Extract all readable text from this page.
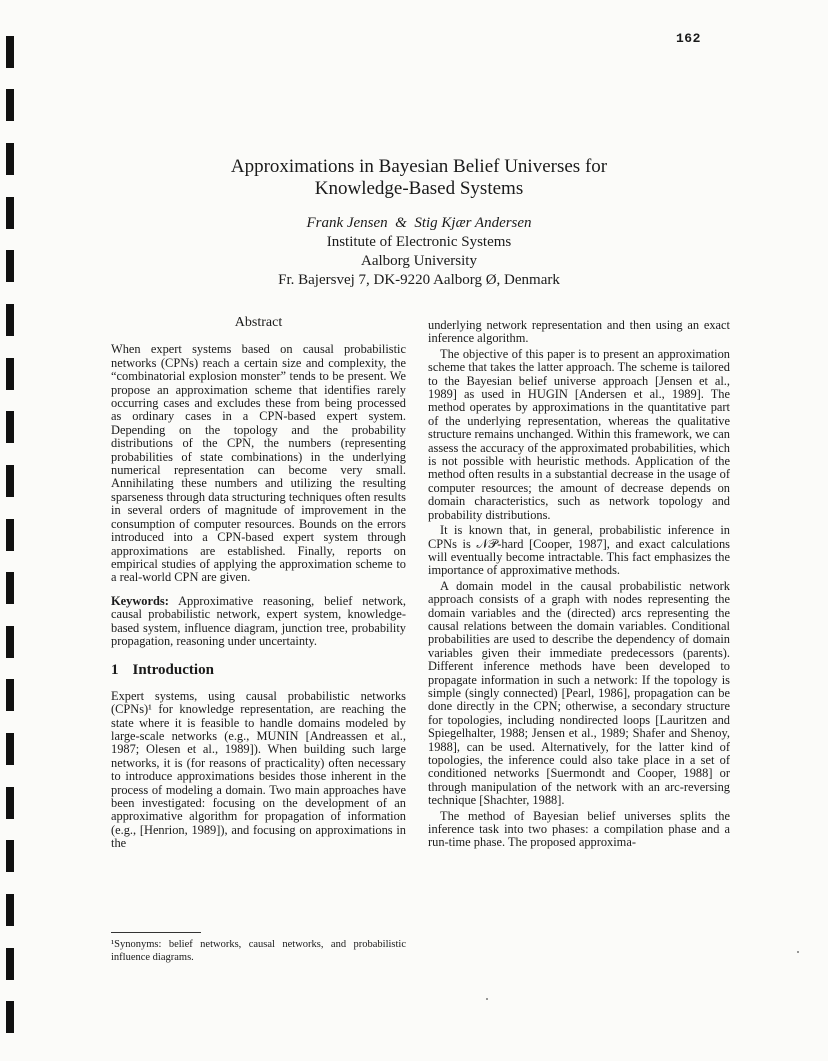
162
Approximations in Bayesian Belief Universes for
Knowledge-Based Systems
Frank Jensen  &  Stig Kjær Andersen
Institute of Electronic Systems
Aalborg University
Fr. Bajersvej 7, DK-9220 Aalborg Ø, Denmark
Abstract

When expert systems based on causal probabilistic networks (CPNs) reach a certain size and complexity, the “combinatorial explosion monster” tends to be present. We propose an approximation scheme that identifies rarely occurring cases and excludes these from being processed as ordinary cases in a CPN-based expert system. Depending on the topology and the probability distributions of the CPN, the numbers (representing probabilities of state combinations) in the underlying numerical representation can become very small. Annihilating these numbers and utilizing the resulting sparseness through data structuring techniques often results in several orders of magnitude of improvement in the consumption of computer resources. Bounds on the errors introduced into a CPN-based expert system through approximations are established. Finally, reports on empirical studies of applying the approximation scheme to a real-world CPN are given.

Keywords: Approximative reasoning, belief network, causal probabilistic network, expert system, knowledge-based system, influence diagram, junction tree, probability propagation, reasoning under uncertainty.

1 Introduction

Expert systems, using causal probabilistic networks (CPNs)¹ for knowledge representation, are reaching the state where it is feasible to handle domains modeled by large-scale networks (e.g., MUNIN [Andreassen et al., 1987; Olesen et al., 1989]). When building such large networks, it is (for reasons of practicality) often necessary to introduce approximations besides those inherent in the process of modeling a domain. Two main approaches have been investigated: focusing on the development of an approximative algorithm for propagation of information (e.g., [Henrion, 1989]), and focusing on approximations in the

¹Synonyms: belief networks, causal networks, and probabilistic influence diagrams.

underlying network representation and then using an exact inference algorithm.

The objective of this paper is to present an approximation scheme that takes the latter approach. The scheme is tailored to the Bayesian belief universe approach [Jensen et al., 1989] as used in HUGIN [Andersen et al., 1989]. The method operates by approximations in the quantitative part of the underlying representation, whereas the qualitative structure remains unchanged. Within this framework, we can assess the accuracy of the approximated probabilities, which is not possible with heuristic methods. Application of the method often results in a substantial decrease in the usage of computer resources; the amount of decrease depends on domain characteristics, such as network topology and probability distributions.

It is known that, in general, probabilistic inference in CPNs is 𝒩𝒫-hard [Cooper, 1987], and exact calculations will eventually become intractable. This fact emphasizes the importance of approximative methods.

A domain model in the causal probabilistic network approach consists of a graph with nodes representing the domain variables and the (directed) arcs representing the causal relations between the domain variables. Conditional probabilities are used to describe the dependency of domain variables given their immediate predecessors (parents). Different inference methods have been developed to propagate information in such a network: If the topology is simple (singly connected) [Pearl, 1986], propagation can be done directly in the CPN; otherwise, a secondary structure for topologies, including nondirected loops [Lauritzen and Spiegelhalter, 1988; Jensen et al., 1989; Shafer and Shenoy, 1988], can be used. Alternatively, for the latter kind of topologies, the inference could also take place in a set of conditioned networks [Suermondt and Cooper, 1988] or through manipulation of the network with an arc-reversing technique [Shachter, 1988].

The method of Bayesian belief universes splits the inference task into two phases: a compilation phase and a run-time phase. The proposed approxima-
